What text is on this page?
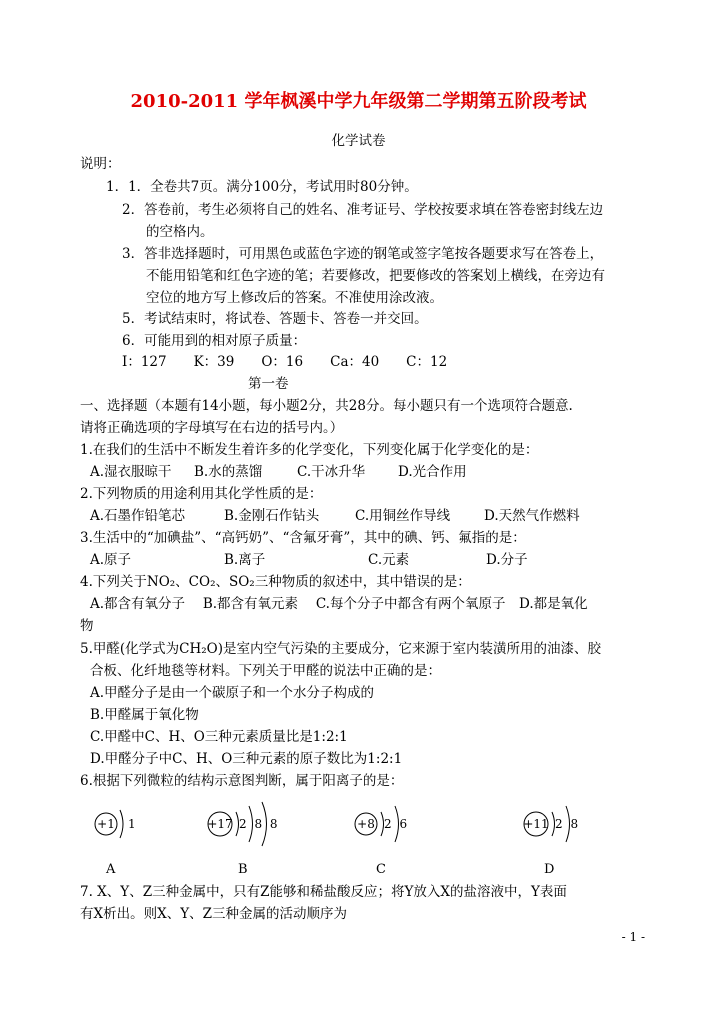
2010-2011 学年枫溪中学九年级第二学期第五阶段考试
化学试卷
说明：
1．1．全卷共7页。满分100分，考试用时80分钟。
2．答卷前，考生必须将自己的姓名、准考证号、学校按要求填在答卷密封线左边
的空格内。
3．答非选择题时，可用黑色或蓝色字迹的钢笔或签字笔按各题要求写在答卷上，
不能用铅笔和红色字迹的笔；若要修改，把要修改的答案划上横线，在旁边有
空位的地方写上修改后的答案。不准使用涂改液。
5．考试结束时，将试卷、答题卡、答卷一并交回。
6．可能用到的相对原子质量：
I：127　　K：39　　O：16　　Ca：40　　C：12
第一卷
一、选择题（本题有14小题，每小题2分，共28分。每小题只有一个选项符合题意.
请将正确选项的字母填写在右边的括号内。）
1.在我们的生活中不断发生着许多的化学变化，下列变化属于化学变化的是：
A.湿衣服晾干 B.水的蒸馏	C.干冰升华 D.光合作用
2.下列物质的用途利用其化学性质的是：
A.石墨作铅笔芯	B.金刚石作钻头	C.用铜丝作导线	D.天然气作燃料
3.生活中的“加碘盐”、“高钙奶”、“含氟牙膏”，其中的碘、钙、氟指的是：
A.原子	B.离子	C.元素	D.分子
4.下列关于NO₂、CO₂、SO₂三种物质的叙述中，其中错误的是：
A.都含有氧分子　 B.都含有氧元素　 C.每个分子中都含有两个氧原子　D.都是氧化
物
5.甲醛(化学式为CH₂O)是室内空气污染的主要成分，它来源于室内装潢所用的油漆、胶
合板、化纤地毯等材料。下列关于甲醛的说法中正确的是：
A.甲醛分子是由一个碳原子和一个水分子构成的
B.甲醛属于氧化物
C.甲醛中C、H、O三种元素质量比是1:2:1
D.甲醛分子中C、H、O三种元素的原子数比为1:2:1
6.根据下列微粒的结构示意图判断，属于阳离子的是：
+1 1	+17 2 8 8	+8 2 6	+11 2 8
A	B	C	D
7. X、Y、Z三种金属中，只有Z能够和稀盐酸反应；将Y放入X的盐溶液中，Y表面
有X析出。则X、Y、Z三种金属的活动顺序为
- 1 -
